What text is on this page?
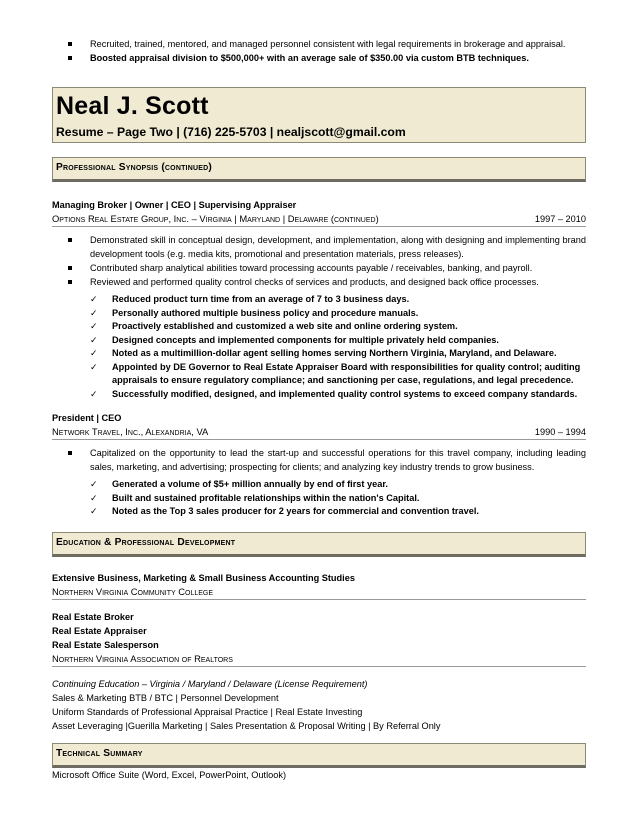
Recruited, trained, mentored, and managed personnel consistent with legal requirements in brokerage and appraisal.
Boosted appraisal division to $500,000+ with an average sale of $350.00 via custom BTB techniques.
Neal J. Scott
Resume – Page Two | (716) 225-5703 | nealjscott@gmail.com
Professional Synopsis (continued)
Managing Broker | Owner | CEO | Supervising Appraiser
Options Real Estate Group, Inc. – Virginia | Maryland | Delaware (continued)	1997 – 2010
Demonstrated skill in conceptual design, development, and implementation, along with designing and implementing brand development tools (e.g. media kits, promotional and presentation materials, press releases).
Contributed sharp analytical abilities toward processing accounts payable / receivables, banking, and payroll.
Reviewed and performed quality control checks of services and products, and designed back office processes.
✓	Reduced product turn time from an average of 7 to 3 business days.
✓	Personally authored multiple business policy and procedure manuals.
✓	Proactively established and customized a web site and online ordering system.
✓	Designed concepts and implemented components for multiple privately held companies.
✓	Noted as a multimillion-dollar agent selling homes serving Northern Virginia, Maryland, and Delaware.
✓	Appointed by DE Governor to Real Estate Appraiser Board with responsibilities for quality control; auditing appraisals to ensure regulatory compliance; and sanctioning per case, regulations, and legal precedence.
✓	Successfully modified, designed, and implemented quality control systems to exceed company standards.
President | CEO
Network Travel, Inc., Alexandria, VA	1990 – 1994
Capitalized on the opportunity to lead the start-up and successful operations for this travel company, including leading sales, marketing, and advertising; prospecting for clients; and analyzing key industry trends to grow business.
✓	Generated a volume of $5+ million annually by end of first year.
✓	Built and sustained profitable relationships within the nation's Capital.
✓	Noted as the Top 3 sales producer for 2 years for commercial and convention travel.
Education & Professional Development
Extensive Business, Marketing & Small Business Accounting Studies
Northern Virginia Community College
Real Estate Broker
Real Estate Appraiser
Real Estate Salesperson
Northern Virginia Association of Realtors
Continuing Education – Virginia / Maryland / Delaware (License Requirement)
Sales & Marketing BTB / BTC | Personnel Development
Uniform Standards of Professional Appraisal Practice | Real Estate Investing
Asset Leveraging |Guerilla Marketing | Sales Presentation & Proposal Writing | By Referral Only
Technical Summary
Microsoft Office Suite (Word, Excel, PowerPoint, Outlook)
